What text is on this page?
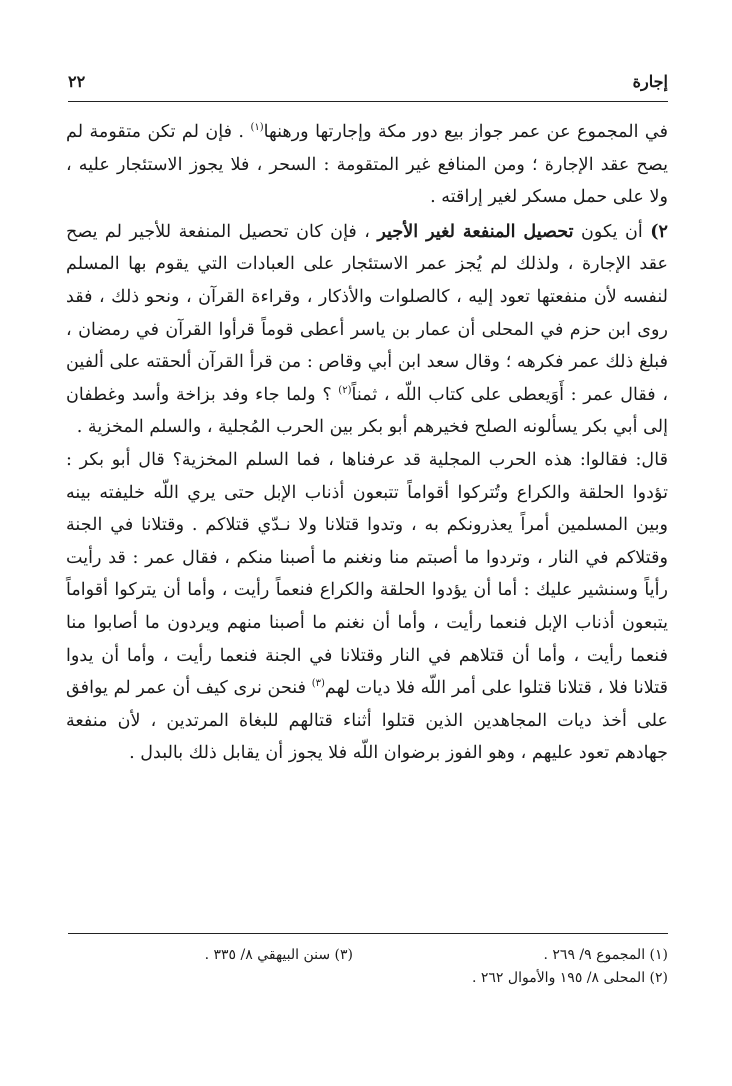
إجارة
٢٢

في المجموع عن عمر جواز بيع دور مكة وإجارتها ورهنها$^{(١)}$ . فإن لم تكن متقومة لم يصح عقد الإجارة ؛ ومن المنافع غير المتقومة : السحر ، فلا يجوز الاستئجار عليه ، ولا على حمل مسكر لغير إراقته .

٢) أن يكون تحصيل المنفعة لغير الأجير ، فإن كان تحصيل المنفعة للأجير لم يصح عقد الإجارة ، ولذلك لم يُجز عمر الاستئجار على العبادات التي يقوم بها المسلم لنفسه لأن منفعتها تعود إليه ، كالصلوات والأذكار ، وقراءة القرآن ، ونحو ذلك ، فقد روى ابن حزم في المحلى أن عمار بن ياسر أعطى قوماً قرأوا القرآن في رمضان ، فبلغ ذلك عمر فكرهه ؛ وقال سعد ابن أبي وقاص : من قرأ القرآن ألحقته على ألفين ، فقال عمر : أَوَيعطى على كتاب اللّه ، ثمناً$^{(٢)}$ ؟ ولما جاء وفد بزاخة وأسد وغطفان إلى أبي بكر يسألونه الصلح فخيرهم أبو بكر بين الحرب المُجلية ، والسلم المخزية .

قال: فقالوا: هذه الحرب المجلية قد عرفناها ، فما السلم المخزية؟ قال أبو بكر : تؤدوا الحلقة والكراع وتُتركوا أقواماً تتبعون أذناب الإبل حتى يري اللّه خليفته بينه وبين المسلمين أمراً يعذرونكم به ، وتدوا قتلانا ولا نـدّي قتلاكم . وقتلانا في الجنة وقتلاكم في النار ، وتردوا ما أصبتم منا ونغنم ما أصبنا منكم ، فقال عمر : قد رأيت رأياً وسنشير عليك : أما أن يؤدوا الحلقة والكراع فنعماً رأيت ، وأما أن يتركوا أقواماً يتبعون أذناب الإبل فنعما رأيت ، وأما أن نغنم ما أصبنا منهم ويردون ما أصابوا منا فنعما رأيت ، وأما أن قتلاهم في النار وقتلانا في الجنة فنعما رأيت ، وأما أن يدوا قتلانا فلا ، قتلانا قتلوا على أمر اللّه فلا ديات لهم$^{(٣)}$ فنحن نرى كيف أن عمر لم يوافق على أخذ ديات المجاهدين الذين قتلوا أثناء قتالهم للبغاة المرتدين ، لأن منفعة جهادهم تعود عليهم ، وهو الفوز برضوان اللّه فلا يجوز أن يقابل ذلك بالبدل .

(١) المجموع ٩/ ٢٦٩ .
(٢) المحلى ٨/ ١٩٥ والأموال ٢٦٢ .
(٣) سنن البيهقي ٨/ ٣٣٥ .
